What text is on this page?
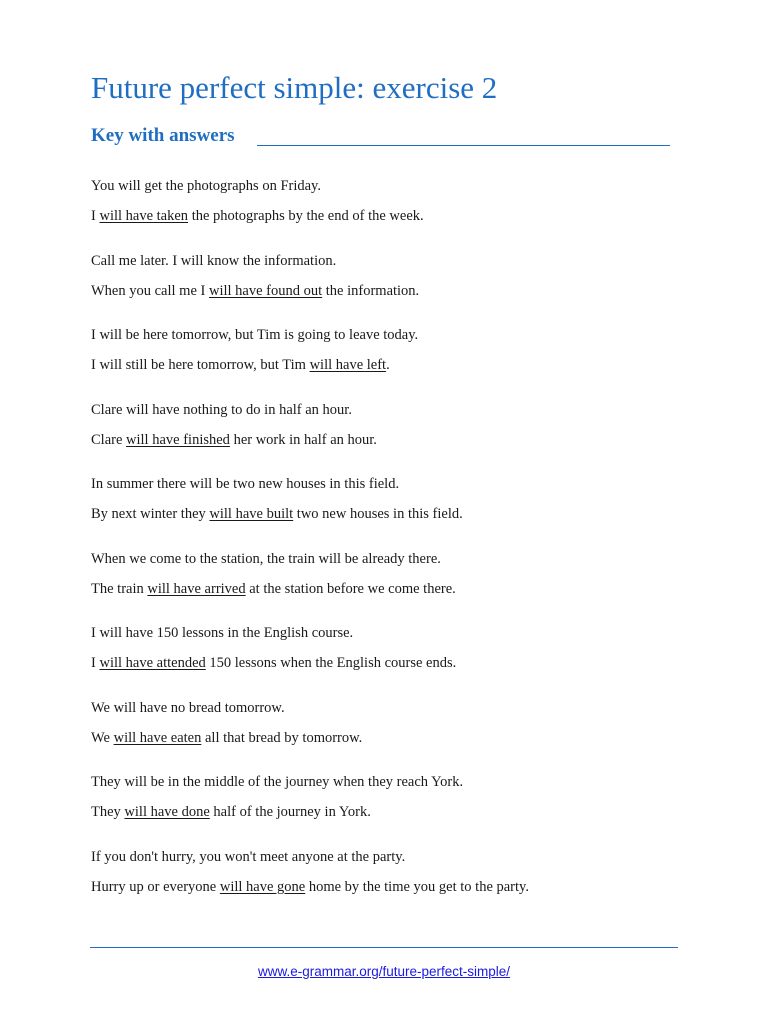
Future perfect simple: exercise 2
Key with answers
You will get the photographs on Friday.
I will have taken the photographs by the end of the week.
Call me later. I will know the information.
When you call me I will have found out the information.
I will be here tomorrow, but Tim is going to leave today.
I will still be here tomorrow, but Tim will have left.
Clare will have nothing to do in half an hour.
Clare will have finished her work in half an hour.
In summer there will be two new houses in this field.
By next winter they will have built two new houses in this field.
When we come to the station, the train will be already there.
The train will have arrived at the station before we come there.
I will have 150 lessons in the English course.
I will have attended 150 lessons when the English course ends.
We will have no bread tomorrow.
We will have eaten all that bread by tomorrow.
They will be in the middle of the journey when they reach York.
They will have done half of the journey in York.
If you don't hurry, you won't meet anyone at the party.
Hurry up or everyone will have gone home by the time you get to the party.
www.e-grammar.org/future-perfect-simple/
